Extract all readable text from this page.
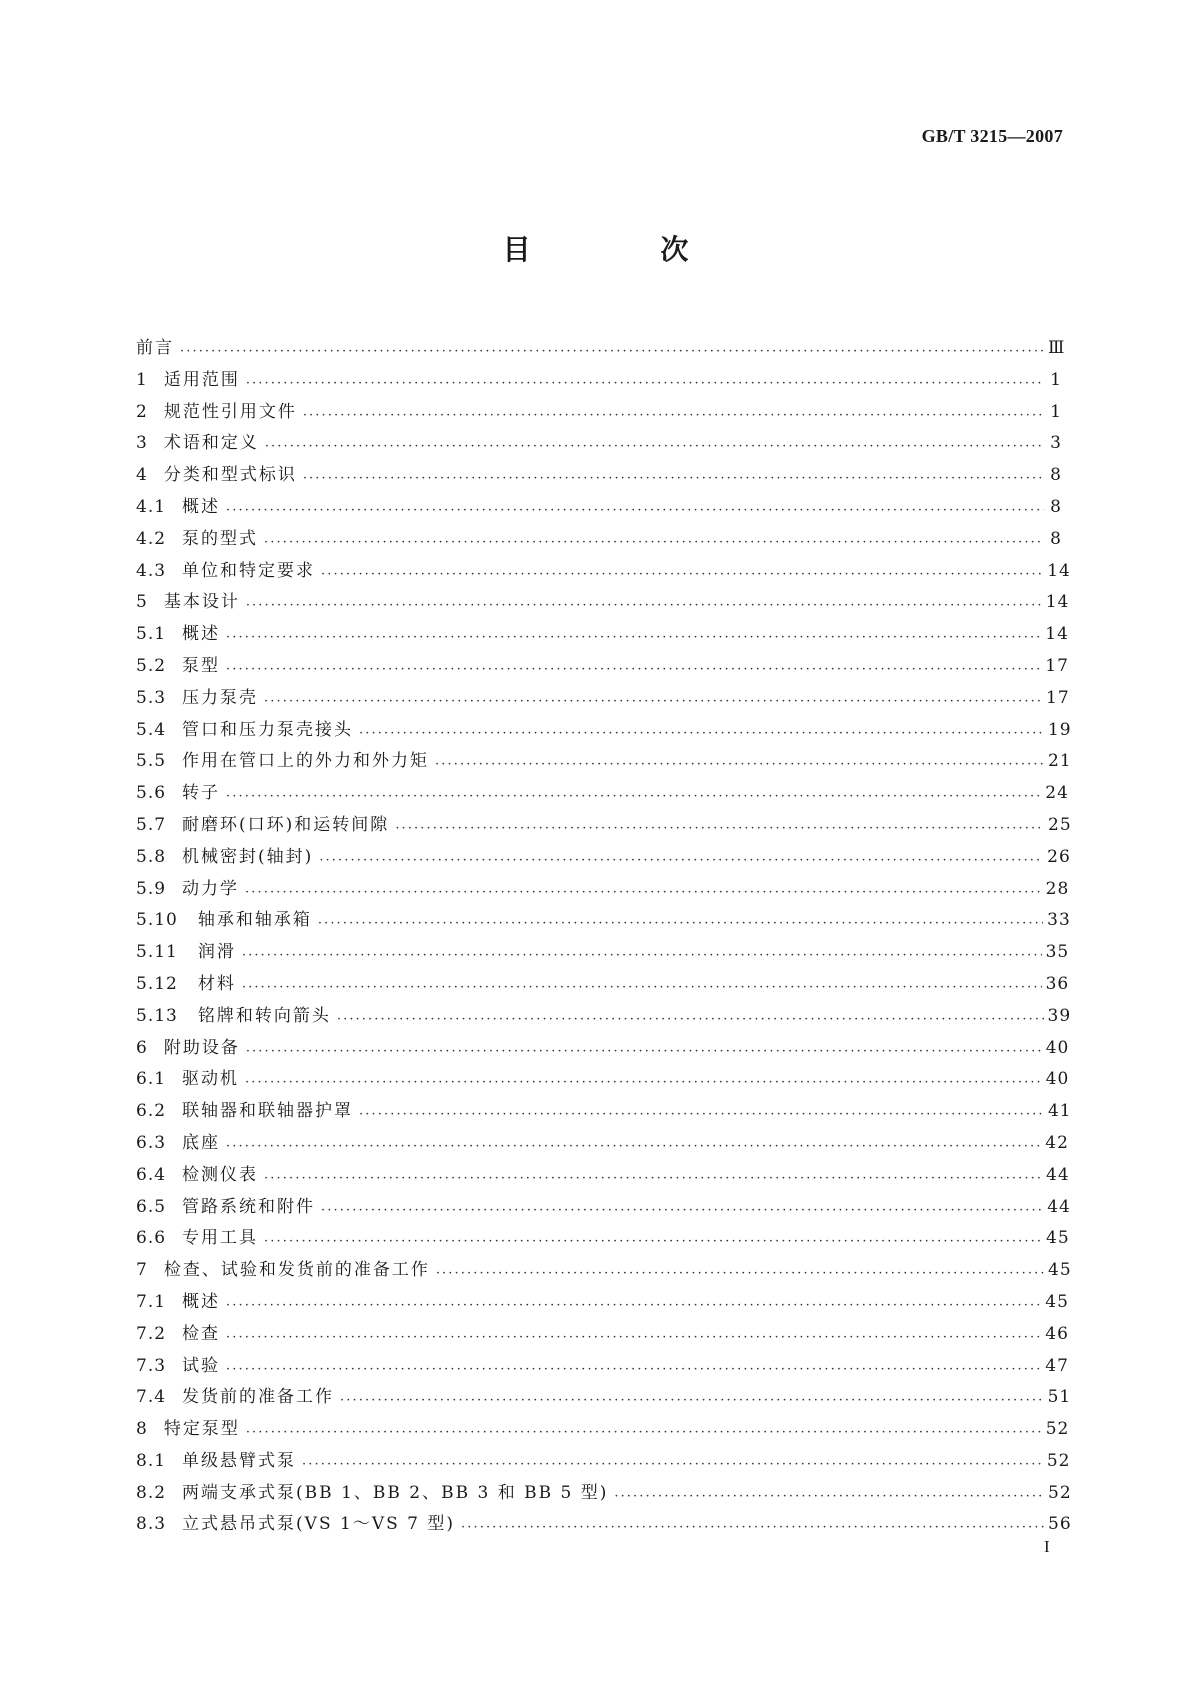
GB/T 3215—2007
目 次
前言 ·····	Ⅲ
1 适用范围 ·····	1
2 规范性引用文件 ·····	1
3 术语和定义 ·····	3
4 分类和型式标识 ·····	8
4.1 概述 ·····	8
4.2 泵的型式 ·····	8
4.3 单位和特定要求 ·····	14
5 基本设计 ·····	14
5.1 概述 ·····	14
5.2 泵型 ·····	17
5.3 压力泵壳 ·····	17
5.4 管口和压力泵壳接头 ·····	19
5.5 作用在管口上的外力和外力矩 ·····	21
5.6 转子 ·····	24
5.7 耐磨环(口环)和运转间隙 ·····	25
5.8 机械密封(轴封) ·····	26
5.9 动力学 ·····	28
5.10 轴承和轴承箱 ·····	33
5.11 润滑 ·····	35
5.12 材料 ·····	36
5.13 铭牌和转向箭头 ·····	39
6 附助设备 ·····	40
6.1 驱动机 ·····	40
6.2 联轴器和联轴器护罩 ·····	41
6.3 底座 ·····	42
6.4 检测仪表 ·····	44
6.5 管路系统和附件 ·····	44
6.6 专用工具 ·····	45
7 检查、试验和发货前的准备工作 ·····	45
7.1 概述 ·····	45
7.2 检查 ·····	46
7.3 试验 ·····	47
7.4 发货前的准备工作 ·····	51
8 特定泵型 ·····	52
8.1 单级悬臂式泵 ·····	52
8.2 两端支承式泵(BB 1、BB 2、BB 3 和 BB 5 型) ·····	52
8.3 立式悬吊式泵(VS 1～VS 7 型) ·····	56
I
